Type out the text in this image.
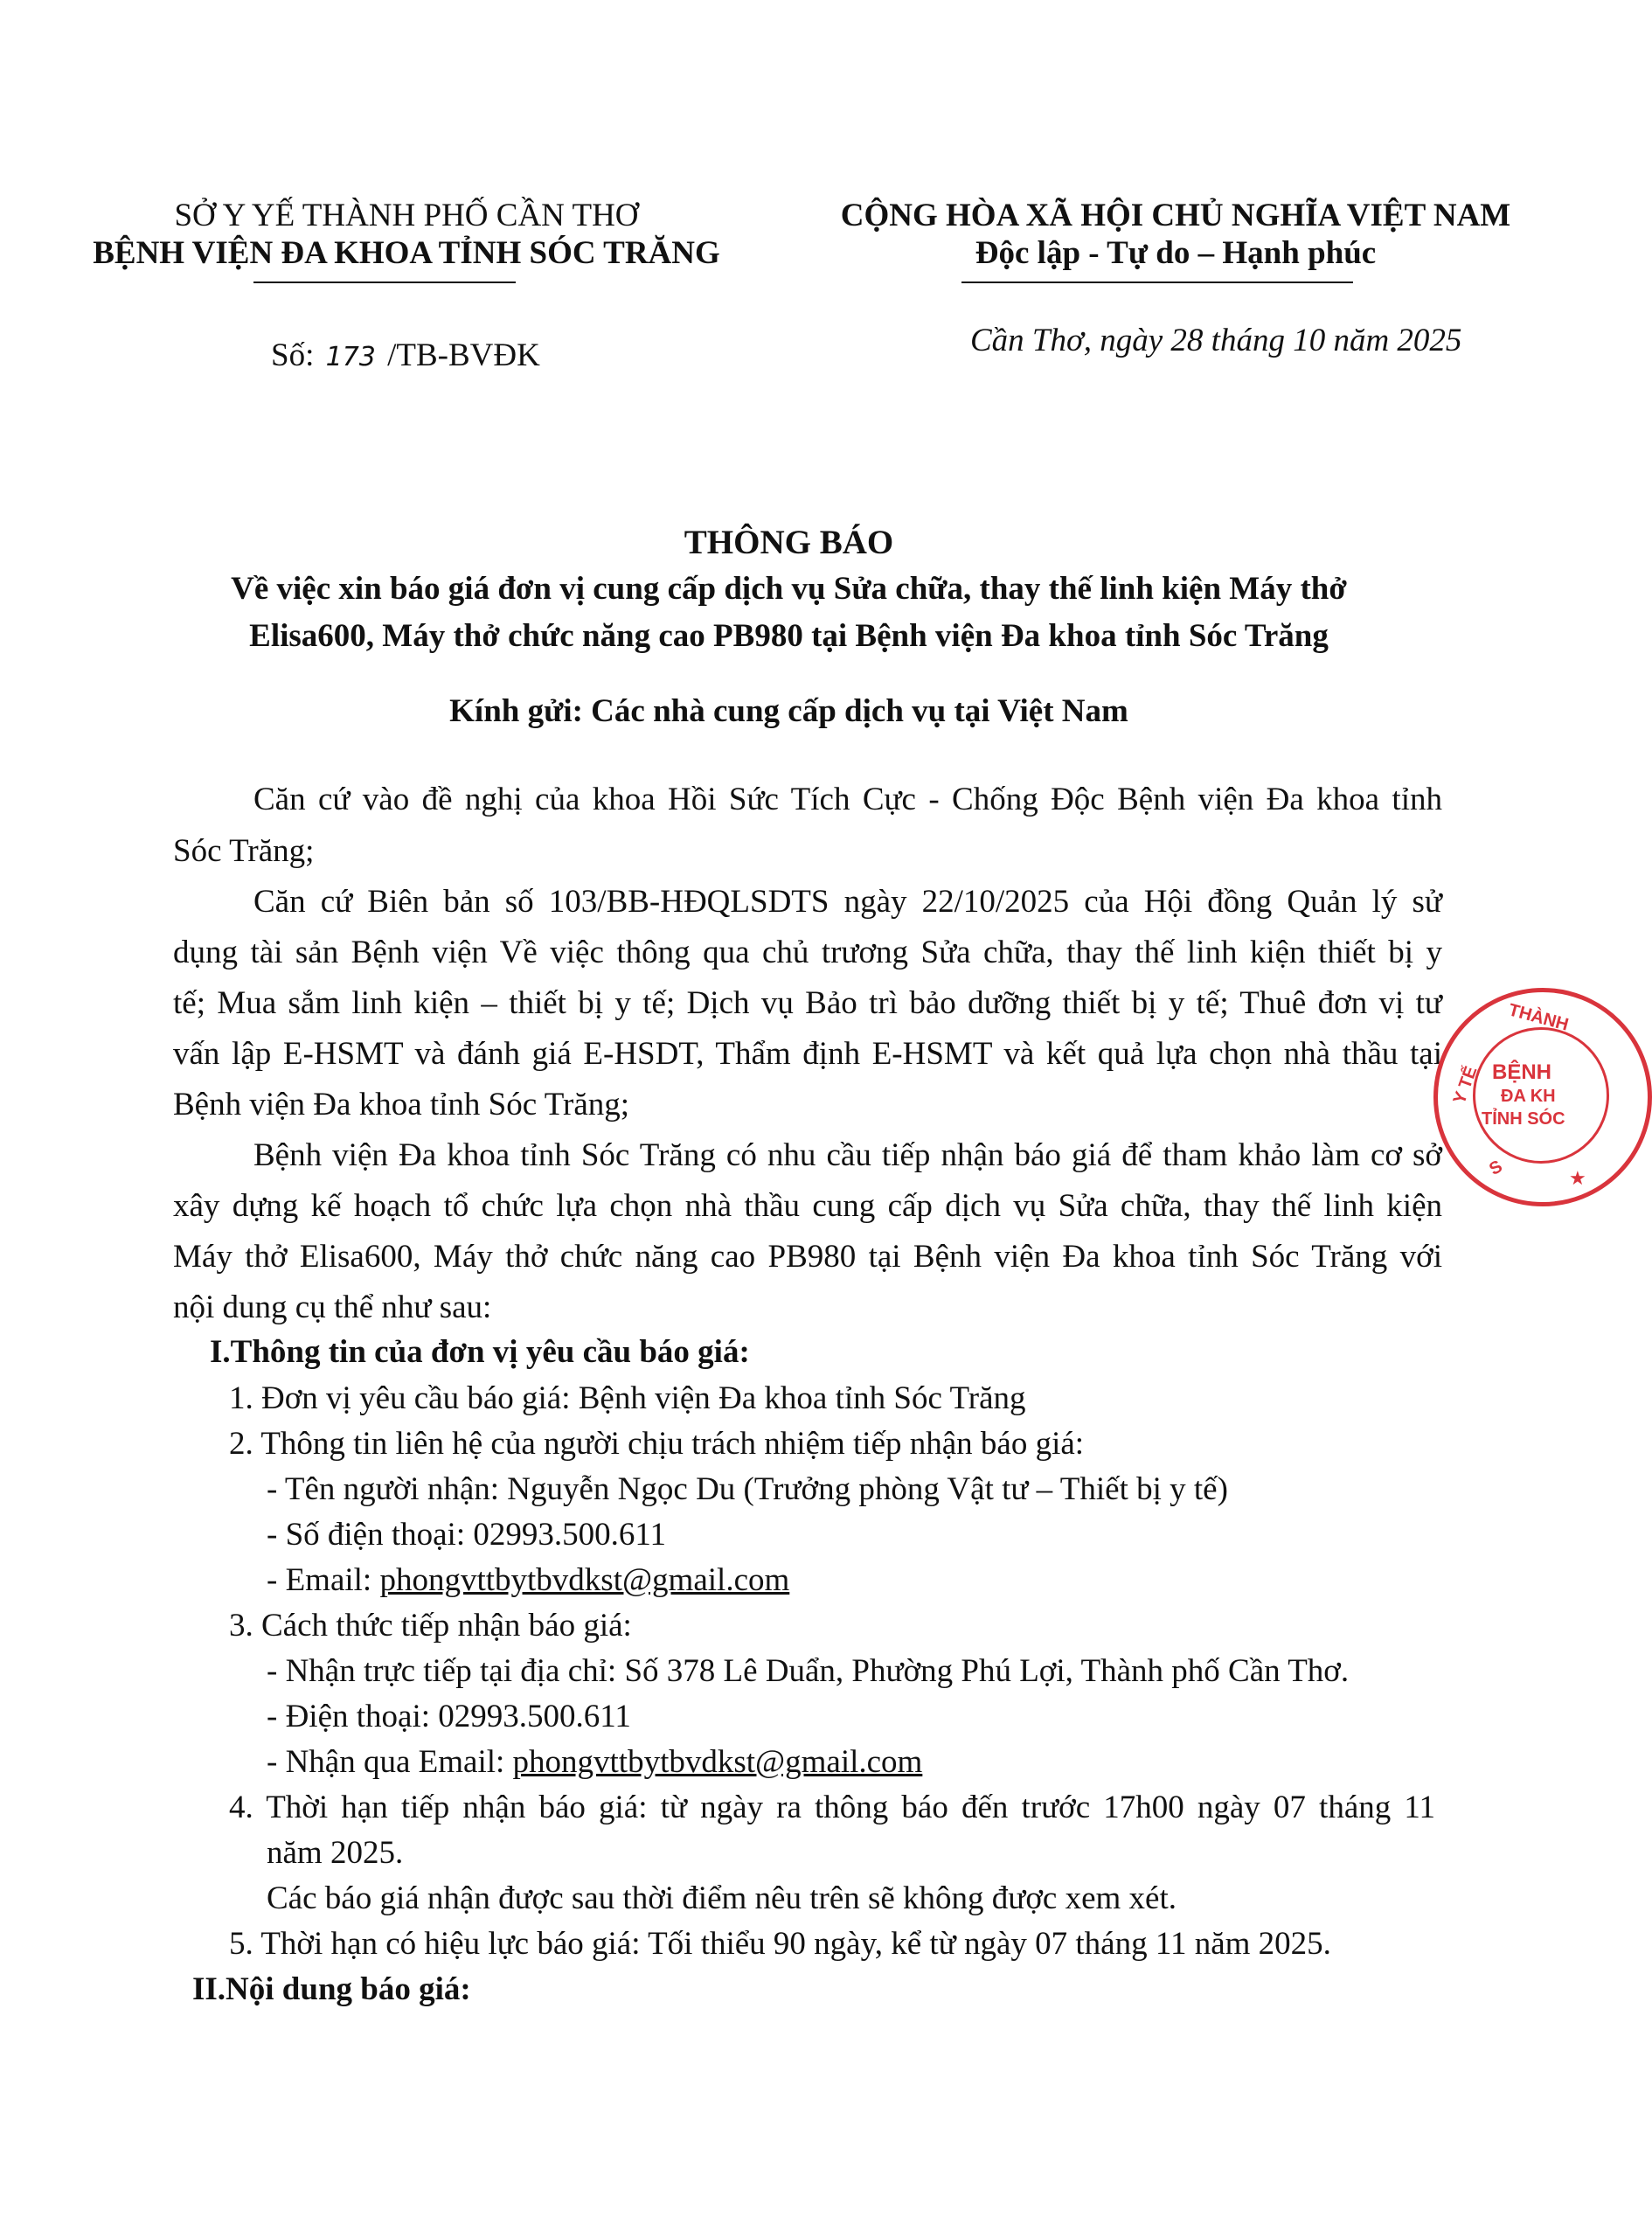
SỞ Y YẾ THÀNH PHỐ CẦN THƠ
BỆNH VIỆN ĐA KHOA TỈNH SÓC TRĂNG
CỘNG HÒA XÃ HỘI CHỦ NGHĨA VIỆT NAM
Độc lập - Tự do – Hạnh phúc
Số: 173 /TB-BVĐK	Cần Thơ, ngày 28 tháng 10 năm 2025
THÔNG BÁO
Về việc xin báo giá đơn vị cung cấp dịch vụ Sửa chữa, thay thế linh kiện Máy thở
Elisa600, Máy thở chức năng cao PB980 tại Bệnh viện Đa khoa tỉnh Sóc Trăng
Kính gửi: Các nhà cung cấp dịch vụ tại Việt Nam
Căn cứ vào đề nghị của khoa Hồi Sức Tích Cực - Chống Độc Bệnh viện Đa khoa tỉnh
Sóc Trăng;
Căn cứ Biên bản số 103/BB-HĐQLSDTS ngày 22/10/2025 của Hội đồng Quản lý sử
dụng tài sản Bệnh viện Về việc thông qua chủ trương Sửa chữa, thay thế linh kiện thiết bị y
tế; Mua sắm linh kiện – thiết bị y tế; Dịch vụ Bảo trì bảo dưỡng thiết bị y tế; Thuê đơn vị tư
vấn lập E-HSMT và đánh giá E-HSDT, Thẩm định E-HSMT và kết quả lựa chọn nhà thầu tại
Bệnh viện Đa khoa tỉnh Sóc Trăng;
Bệnh viện Đa khoa tỉnh Sóc Trăng có nhu cầu tiếp nhận báo giá để tham khảo làm cơ sở
xây dựng kế hoạch tổ chức lựa chọn nhà thầu cung cấp dịch vụ Sửa chữa, thay thế linh kiện
Máy thở Elisa600, Máy thở chức năng cao PB980 tại Bệnh viện Đa khoa tỉnh Sóc Trăng với
nội dung cụ thể như sau:
I.Thông tin của đơn vị yêu cầu báo giá:
1. Đơn vị yêu cầu báo giá: Bệnh viện Đa khoa tỉnh Sóc Trăng
2. Thông tin liên hệ của người chịu trách nhiệm tiếp nhận báo giá:
- Tên người nhận: Nguyễn Ngọc Du (Trưởng phòng Vật tư – Thiết bị y tế)
- Số điện thoại: 02993.500.611
- Email: phongvttbytbvdkst@gmail.com
3. Cách thức tiếp nhận báo giá:
- Nhận trực tiếp tại địa chỉ: Số 378 Lê Duẩn, Phường Phú Lợi, Thành phố Cần Thơ.
- Điện thoại: 02993.500.611
- Nhận qua Email: phongvttbytbvdkst@gmail.com
4. Thời hạn tiếp nhận báo giá: từ ngày ra thông báo đến trước 17h00 ngày 07 tháng 11
năm 2025.
Các báo giá nhận được sau thời điểm nêu trên sẽ không được xem xét.
5. Thời hạn có hiệu lực báo giá: Tối thiểu 90 ngày, kể từ ngày 07 tháng 11 năm 2025.
II.Nội dung báo giá:
THÀNH
Y TẾ BỆNH
ĐA KH
TỈNH SÓC
S	★
